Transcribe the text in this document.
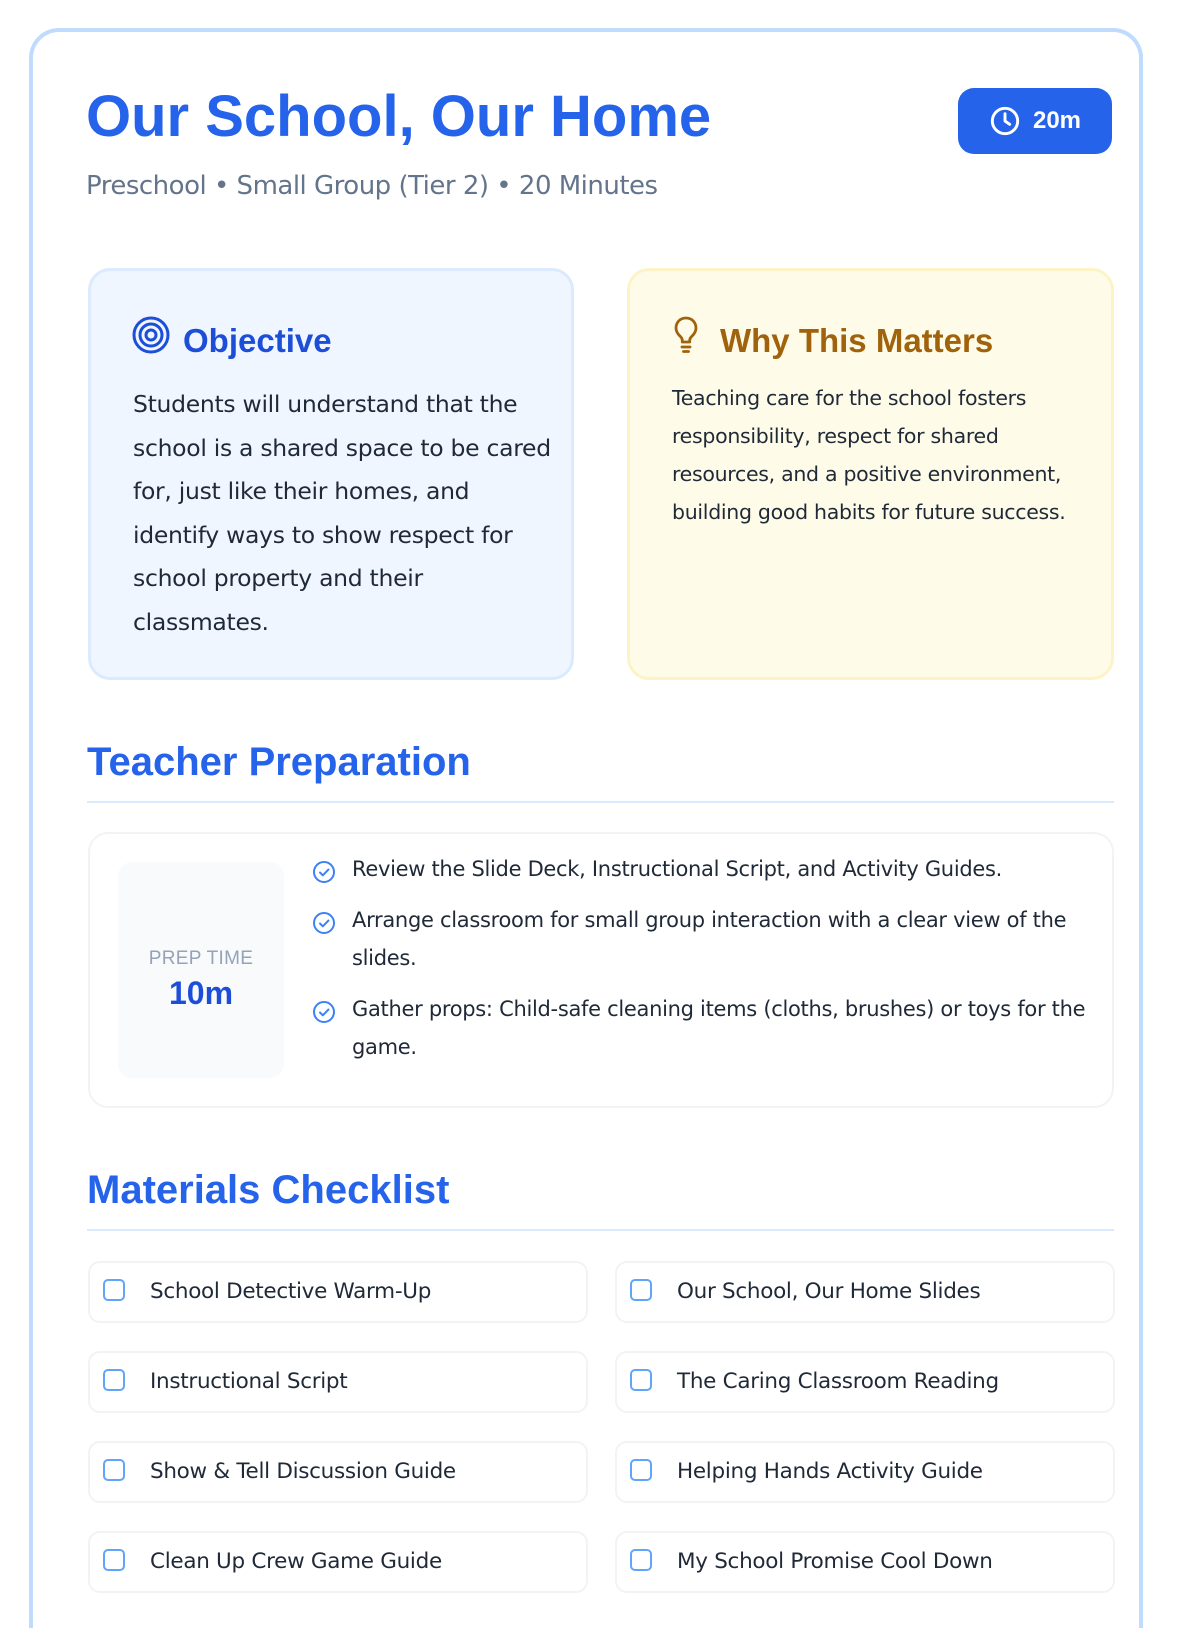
Our School, Our Home
Preschool • Small Group (Tier 2) • 20 Minutes
20m
Objective

Students will understand that the school is a shared space to be cared for, just like their homes, and identify ways to show respect for school property and their classmates.

Why This Matters

Teaching care for the school fosters responsibility, respect for shared resources, and a positive environment, building good habits for future success.

Teacher Preparation
PREP TIME
10m
Review the Slide Deck, Instructional Script, and Activity Guides.
Arrange classroom for small group interaction with a clear view of the slides.
Gather props: Child-safe cleaning items (cloths, brushes) or toys for the game.
Materials Checklist
School Detective Warm-Up	Our School, Our Home Slides
Instructional Script	The Caring Classroom Reading
Show & Tell Discussion Guide	Helping Hands Activity Guide
Clean Up Crew Game Guide	My School Promise Cool Down
